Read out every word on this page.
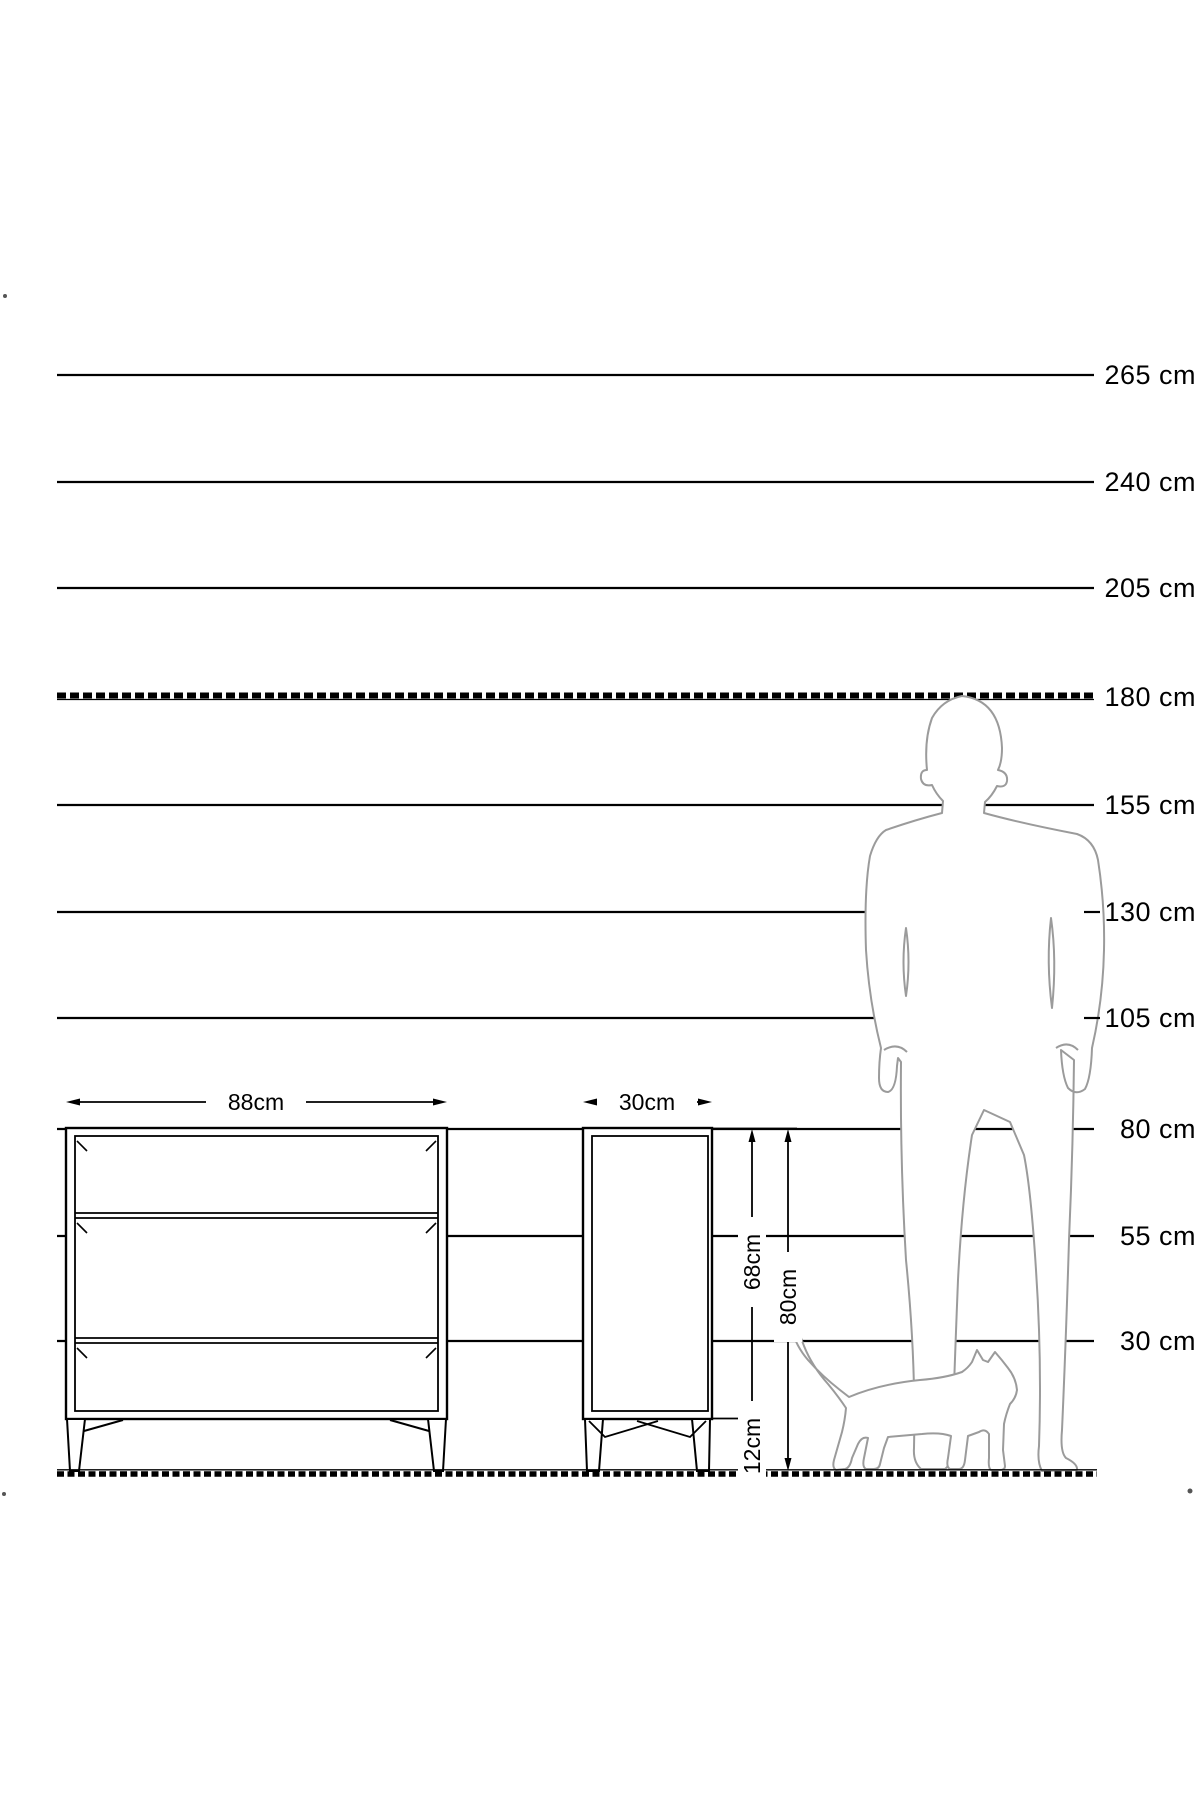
265 cm
240 cm
205 cm
180 cm
155 cm
130 cm
105 cm
80 cm
55 cm
30 cm
88cm	30cm
68cm
80cm
12cm
